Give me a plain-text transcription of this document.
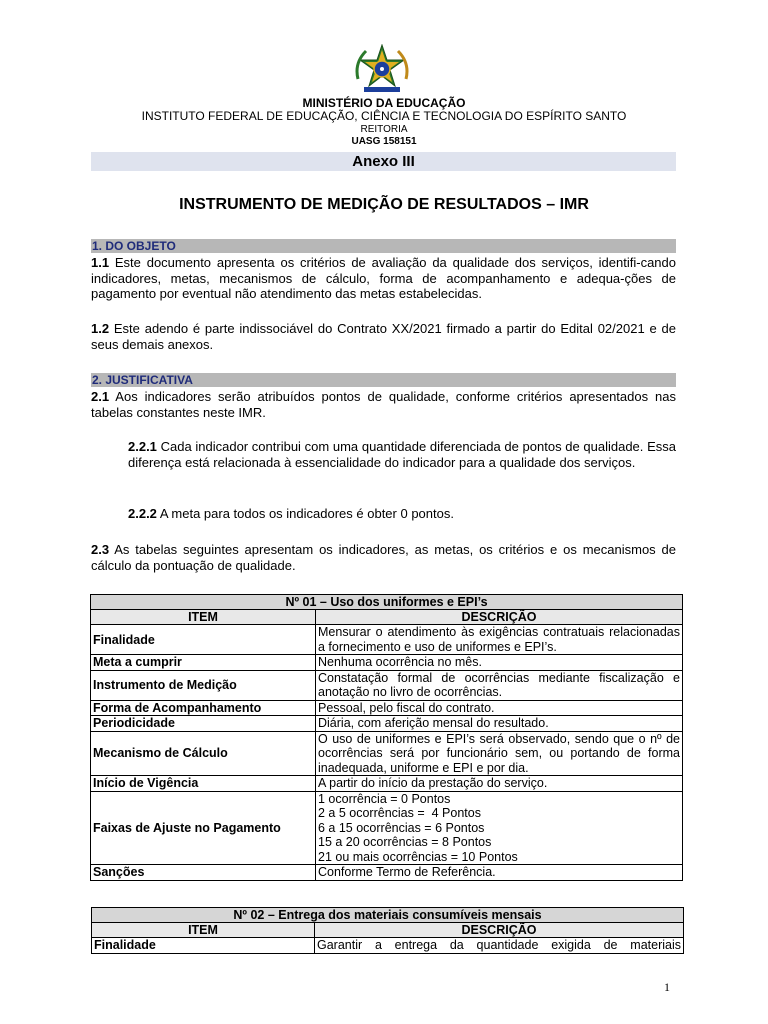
MINISTÉRIO DA EDUCAÇÃO
INSTITUTO FEDERAL DE EDUCAÇÃO, CIÊNCIA E TECNOLOGIA DO ESPÍRITO SANTO
REITORIA
UASG 158151
Anexo III
INSTRUMENTO DE MEDIÇÃO DE RESULTADOS – IMR
1. DO OBJETO
1.1 Este documento apresenta os critérios de avaliação da qualidade dos serviços, identifi-cando indicadores, metas, mecanismos de cálculo, forma de acompanhamento e adequa-ções de pagamento por eventual não atendimento das metas estabelecidas.
1.2 Este adendo é parte indissociável do Contrato XX/2021 firmado a partir do Edital 02/2021 e de seus demais anexos.
2. JUSTIFICATIVA
2.1 Aos indicadores serão atribuídos pontos de qualidade, conforme critérios apresentados nas tabelas constantes neste IMR.
2.2.1 Cada indicador contribui com uma quantidade diferenciada de pontos de qualidade. Essa diferença está relacionada à essencialidade do indicador para a qualidade dos serviços.
2.2.2 A meta para todos os indicadores é obter 0 pontos.
2.3 As tabelas seguintes apresentam os indicadores, as metas, os critérios e os mecanismos de cálculo da pontuação de qualidade.
Nº 01 – Uso dos uniformes e EPI’s	
ITEM	DESCRIÇÃO
Finalidade	Mensurar o atendimento às exigências contratuais relacionadas a fornecimento e uso de uniformes e EPI’s.
Meta a cumprir	Nenhuma ocorrência no mês.
Instrumento de Medição	Constatação formal de ocorrências mediante fiscalização e anotação no livro de ocorrências.
Forma de Acompanhamento	Pessoal, pelo fiscal do contrato.
Periodicidade	Diária, com aferição mensal do resultado.
Mecanismo de Cálculo	O uso de uniformes e EPI’s será observado, sendo que o nº de ocorrências será por funcionário sem, ou portando de forma inadequada, uniforme e EPI e por dia.
Início de Vigência	A partir do início da prestação do serviço.
Faixas de Ajuste no Pagamento	1 ocorrência = 0 Pontos
2 a 5 ocorrências =  4 Pontos
6 a 15 ocorrências = 6 Pontos
15 a 20 ocorrências = 8 Pontos
21 ou mais ocorrências = 10 Pontos

Sanções	Conforme Termo de Referência.
Nº 02 – Entrega dos materiais consumíveis mensais	
ITEM	DESCRIÇÃO
Finalidade	Garantir a entrega da quantidade exigida de materiais
1
